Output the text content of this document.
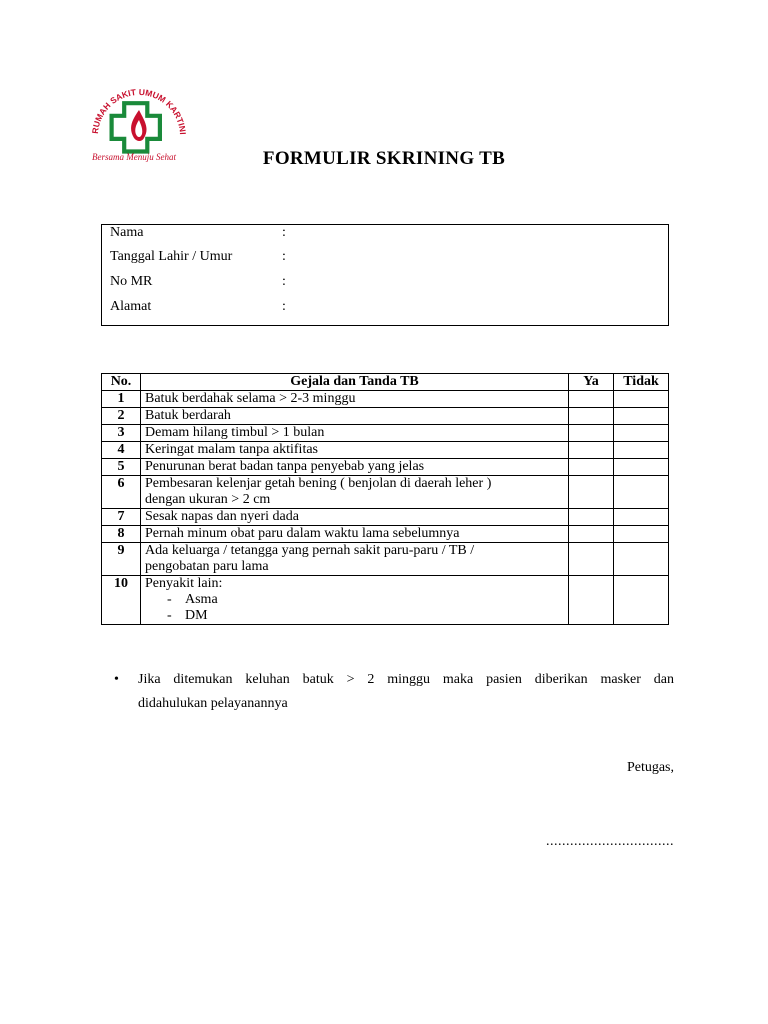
RUMAH SAKIT UMUM KARTINI
Bersama Menuju Sehat	FORMULIR SKRINING TB
Nama	:
Tanggal Lahir / Umur	:
No MR	:
Alamat	:
No.	Gejala dan Tanda TB	Ya	Tidak
1	Batuk berdahak selama > 2-3 minggu		
2	Batuk berdarah		
3	Demam hilang timbul > 1 bulan		
4	Keringat malam tanpa aktifitas		
5	Penurunan berat badan tanpa penyebab yang jelas		
6	Pembesaran kelenjar getah bening ( benjolan di daerah leher )
dengan ukuran > 2 cm		

7	Sesak napas dan nyeri dada		
8	Pernah minum obat paru dalam waktu lama sebelumnya		
9	Ada keluarga / tetangga yang pernah sakit paru-paru / TB /
pengobatan paru lama		

10	Penyakit lain:
- Asma
- DM		

• Jika ditemukan keluhan batuk > 2 minggu maka pasien diberikan masker dan
didahulukan pelayanannya
Petugas,
................................
